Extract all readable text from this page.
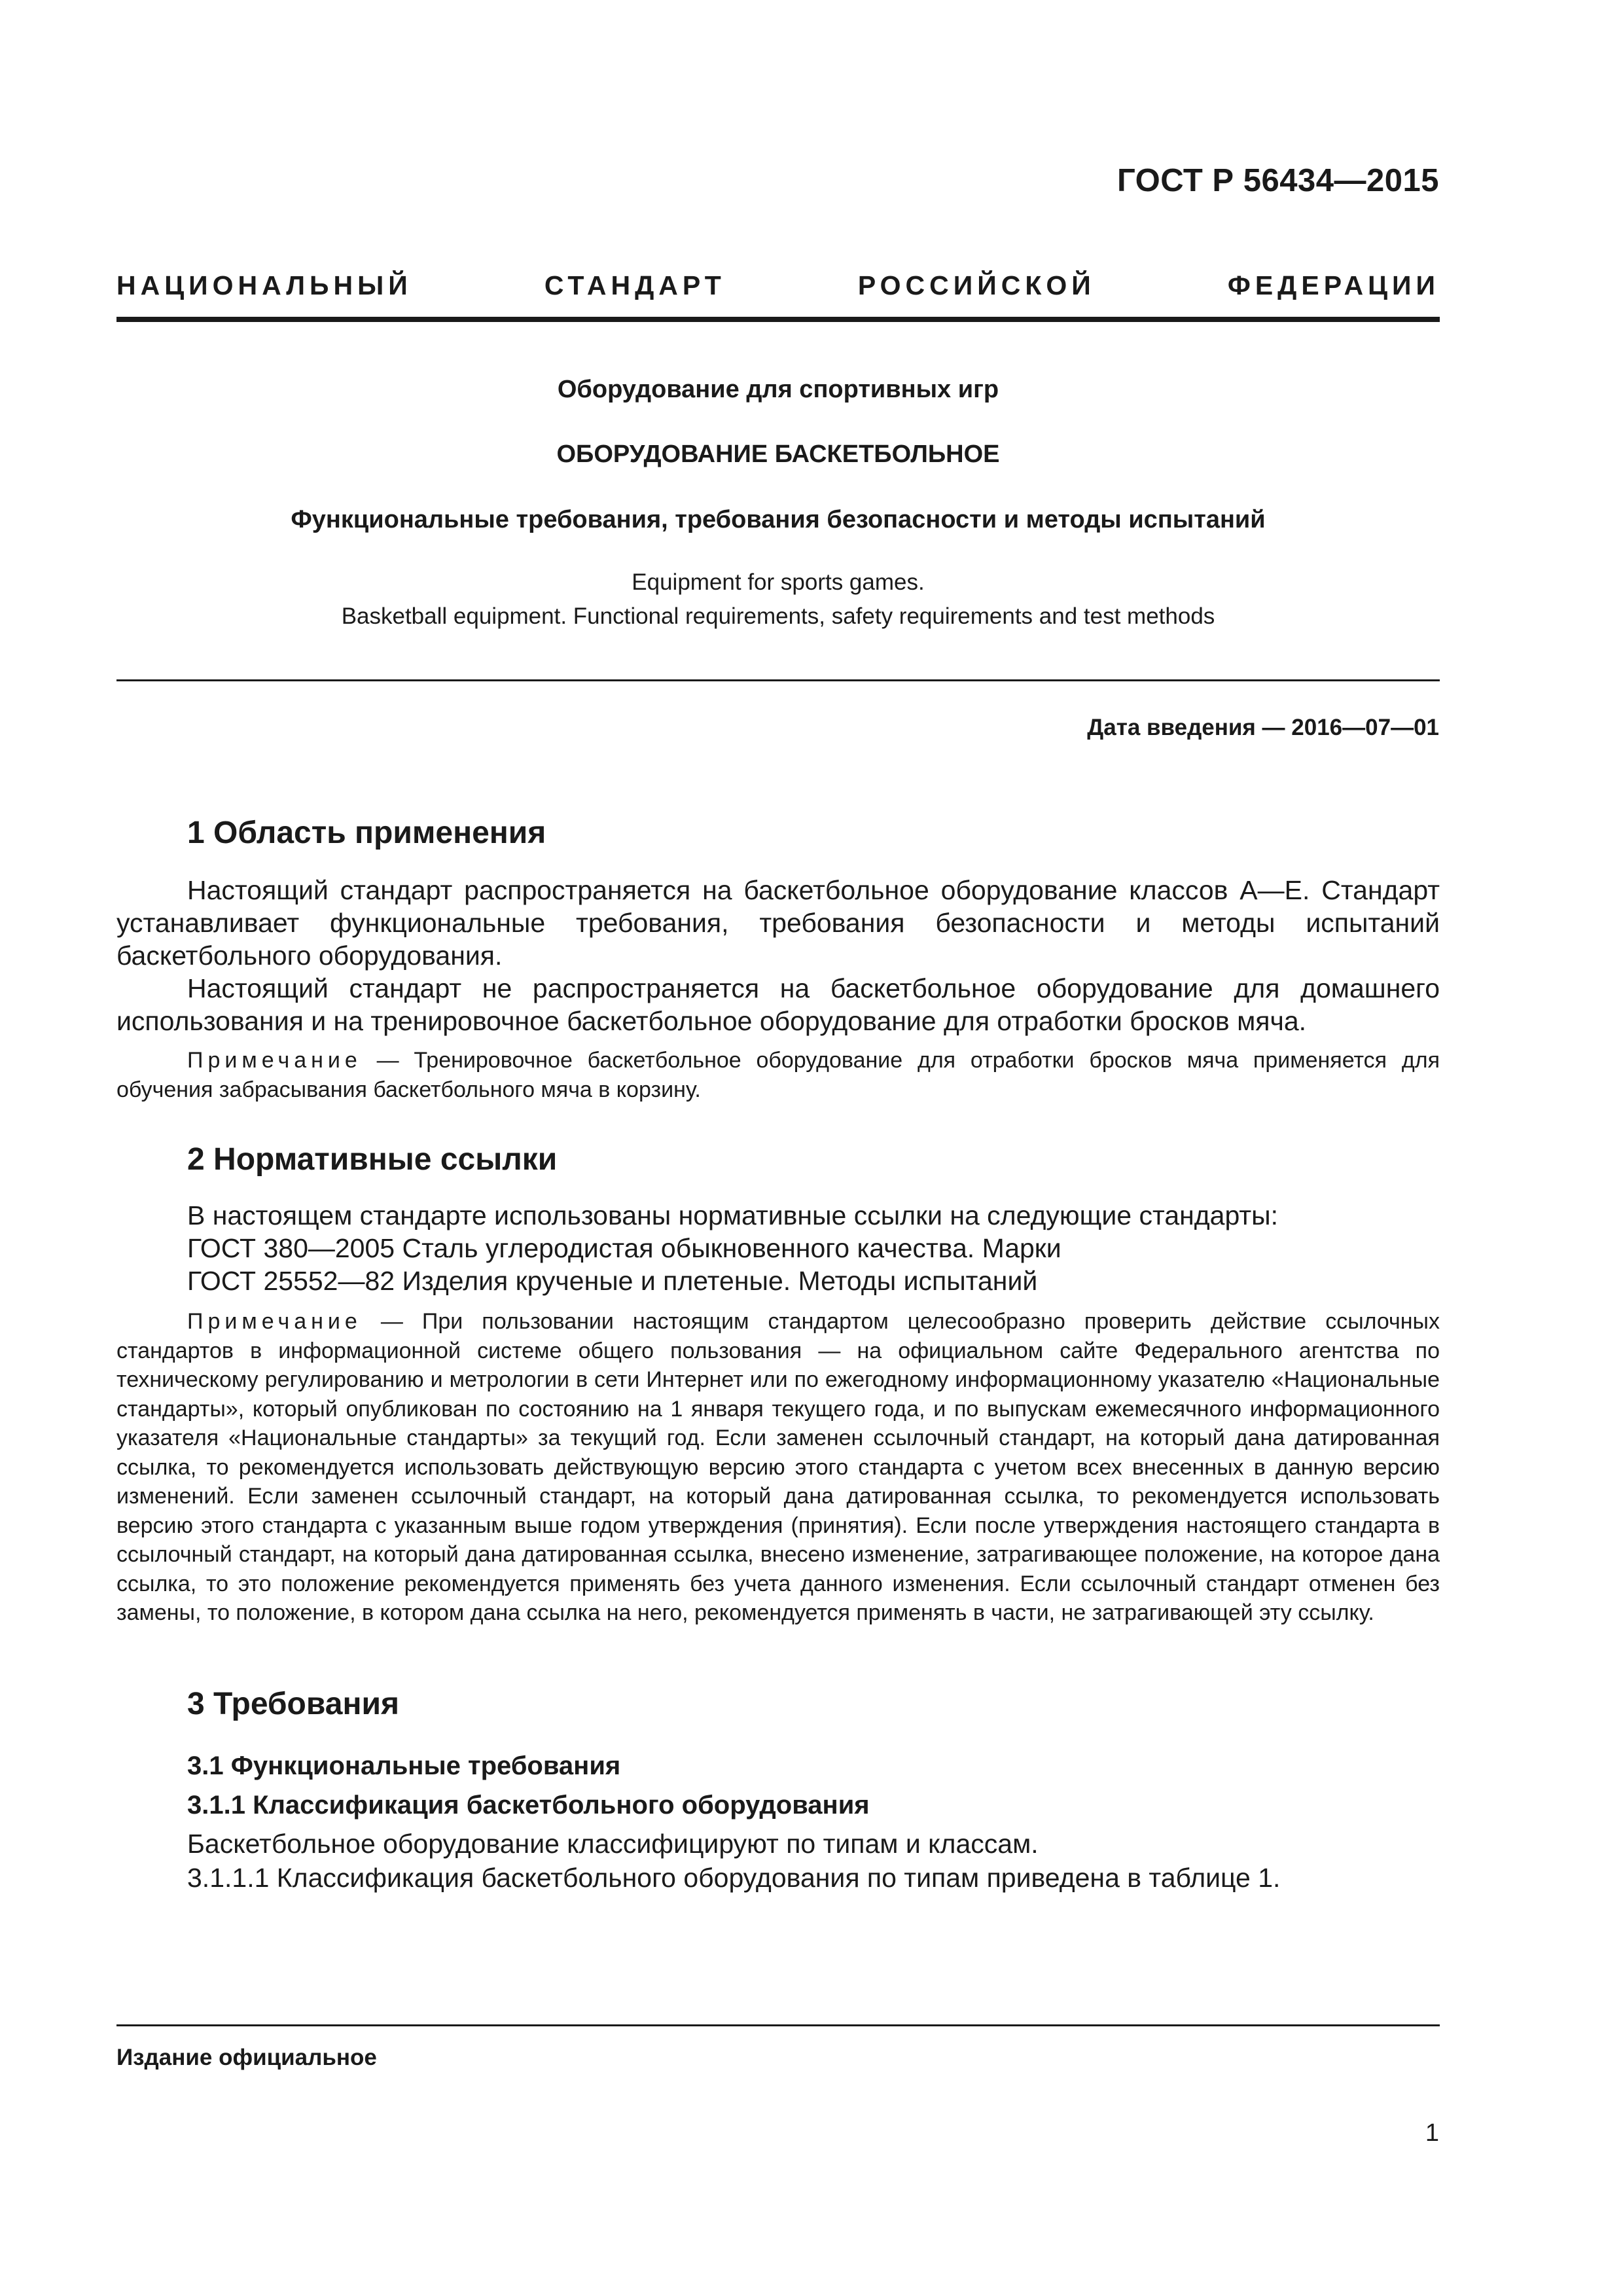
ГОСТ Р 56434—2015
НАЦИОНАЛЬНЫЙ	СТАНДАРТ	РОССИЙСКОЙ	ФЕДЕРАЦИИ
Оборудование для спортивных игр
ОБОРУДОВАНИЕ БАСКЕТБОЛЬНОЕ
Функциональные требования, требования безопасности и методы испытаний
Equipment for sports games.
Basketball equipment. Functional requirements, safety requirements and test methods
Дата введения — 2016—07—01
1 Область применения
Настоящий стандарт распространяется на баскетбольное оборудование классов А—Е. Стандарт устанавливает функциональные требования, требования безопасности и методы испытаний баскетбольного оборудования.
Настоящий стандарт не распространяется на баскетбольное оборудование для домашнего использования и на тренировочное баскетбольное оборудование для отработки бросков мяча.
Примечание — Тренировочное баскетбольное оборудование для отработки бросков мяча применяется для обучения забрасывания баскетбольного мяча в корзину.
2 Нормативные ссылки
В настоящем стандарте использованы нормативные ссылки на следующие стандарты:
ГОСТ 380—2005 Сталь углеродистая обыкновенного качества. Марки
ГОСТ 25552—82 Изделия крученые и плетеные. Методы испытаний
Примечание — При пользовании настоящим стандартом целесообразно проверить действие ссылочных стандартов в информационной системе общего пользования — на официальном сайте Федерального агентства по техническому регулированию и метрологии в сети Интернет или по ежегодному информационному указателю «Национальные стандарты», который опубликован по состоянию на 1 января текущего года, и по выпускам ежемесячного информационного указателя «Национальные стандарты» за текущий год. Если заменен ссылочный стандарт, на который дана датированная ссылка, то рекомендуется использовать действующую версию этого стандарта с учетом всех внесенных в данную версию изменений. Если заменен ссылочный стандарт, на который дана датированная ссылка, то рекомендуется использовать версию этого стандарта с указанным выше годом утверждения (принятия). Если после утверждения настоящего стандарта в ссылочный стандарт, на который дана датированная ссылка, внесено изменение, затрагивающее положение, на которое дана ссылка, то это положение рекомендуется применять без учета данного изменения. Если ссылочный стандарт отменен без замены, то положение, в котором дана ссылка на него, рекомендуется применять в части, не затрагивающей эту ссылку.
3 Требования
3.1 Функциональные требования
3.1.1 Классификация баскетбольного оборудования
Баскетбольное оборудование классифицируют по типам и классам.
3.1.1.1 Классификация баскетбольного оборудования по типам приведена в таблице 1.
Издание официальное
1
